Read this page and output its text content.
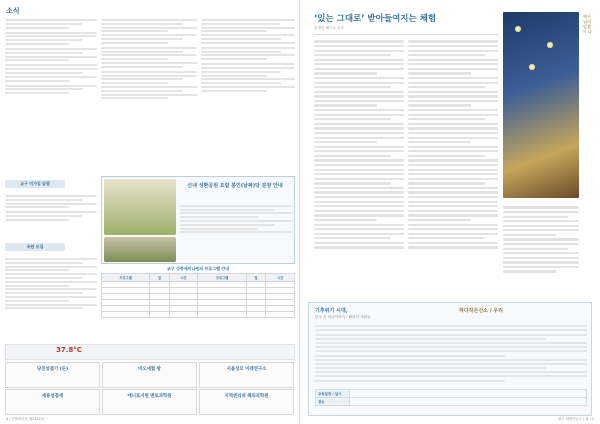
소식
교구 미가입 알림
숙원 모집
신내 성환공원 요람 봉인(날짜)당 분양 안내
교구 성령세미나원의 프로그램 안내
프로그램	일	시간	프로그램	일	시간

37.8°C
당진성결기 (돈)	비오세협 방	서울성모 미래연구소
세용성결세	애니토지원 멘토과학원	지역엔리쉬 해외과학원
8 | 가톨릭신문 제2322호
‘있는 그대로’ 받아들여지는 체험
김영민 베드로 신부
예수님의 말씀이 나
기후위기 시대,	하다작은신소 / 우리
한국 속 하나이야기 : 해련가 사회들
교육일정 / 일시	
장소	
광주 회원가입수 / 월 / 3
